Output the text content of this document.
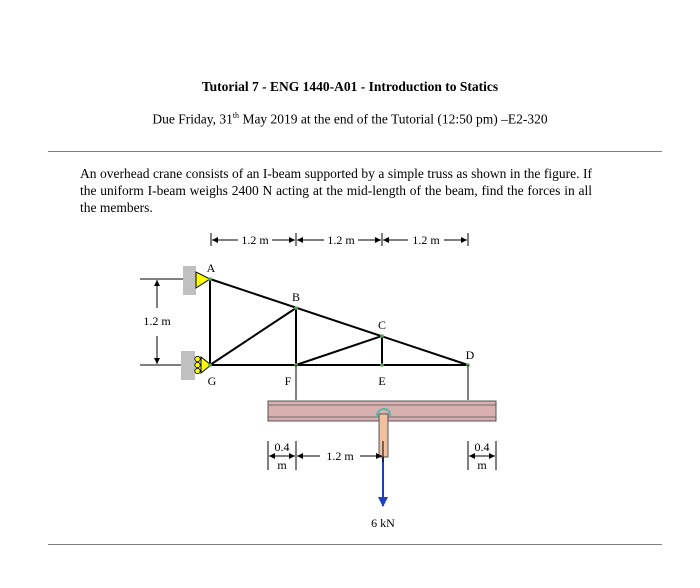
Tutorial 7 - ENG 1440-A01 - Introduction to Statics
Due Friday, 31th May 2019 at the end of the Tutorial (12:50 pm) –E2-320
An overhead crane consists of an I-beam supported by a simple truss as shown in the figure. If the uniform I-beam weighs 2400 N acting at the mid-length of the beam, find the forces in all the members.
1.2 m	1.2 m	1.2 m
1.2 m
A
B
C
D
E
F
G
6 kN
0.4
m
1.2 m
0.4
m
